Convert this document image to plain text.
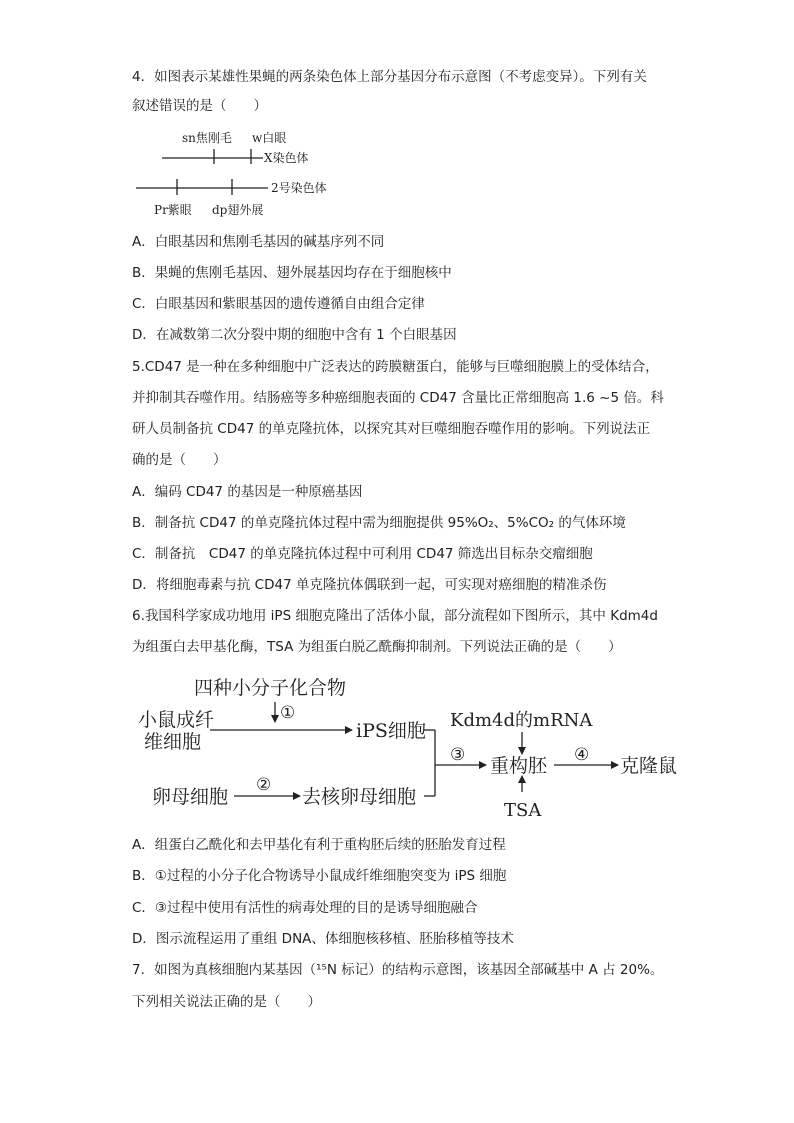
4．如图表示某雄性果蝇的两条染色体上部分基因分布示意图（不考虑变异）。下列有关
叙述错误的是（　　）
sn焦刚毛 w白眼
X染色体
2号染色体
Pr紫眼 dp翅外展
A．白眼基因和焦刚毛基因的碱基序列不同
B．果蝇的焦刚毛基因、翅外展基因均存在于细胞核中
C．白眼基因和紫眼基因的遗传遵循自由组合定律
D．在减数第二次分裂中期的细胞中含有 1 个白眼基因
5.CD47 是一种在多种细胞中广泛表达的跨膜糖蛋白，能够与巨噬细胞膜上的受体结合，
并抑制其吞噬作用。结肠癌等多种癌细胞表面的 CD47 含量比正常细胞高 1.6 ~5 倍。科
研人员制备抗 CD47 的单克隆抗体，以探究其对巨噬细胞吞噬作用的影响。下列说法正
确的是（　　）
A．编码 CD47 的基因是一种原癌基因
B．制备抗 CD47 的单克隆抗体过程中需为细胞提供 95%O₂、5%CO₂ 的气体环境
C．制备抗　CD47 的单克隆抗体过程中可利用 CD47 筛选出目标杂交瘤细胞
D．将细胞毒素与抗 CD47 单克隆抗体偶联到一起，可实现对癌细胞的精准杀伤
6.我国科学家成功地用 iPS 细胞克隆出了活体小鼠，部分流程如下图所示，其中 Kdm4d
为组蛋白去甲基化酶，TSA 为组蛋白脱乙酰酶抑制剂。下列说法正确的是（　　）
四种小分子化合物
①
小鼠成纤
维细胞	iPS细胞 Kdm4d的mRNA
③ 重构胚 ④ 克隆鼠
卵母细胞
②
去核卵母细胞
TSA
A．组蛋白乙酰化和去甲基化有利于重构胚后续的胚胎发育过程
B．①过程的小分子化合物诱导小鼠成纤维细胞突变为 iPS 细胞
C．③过程中使用有活性的病毒处理的目的是诱导细胞融合
D．图示流程运用了重组 DNA、体细胞核移植、胚胎移植等技术
7．如图为真核细胞内某基因（¹⁵N 标记）的结构示意图，该基因全部碱基中 A 占 20%。
下列相关说法正确的是（　　）
